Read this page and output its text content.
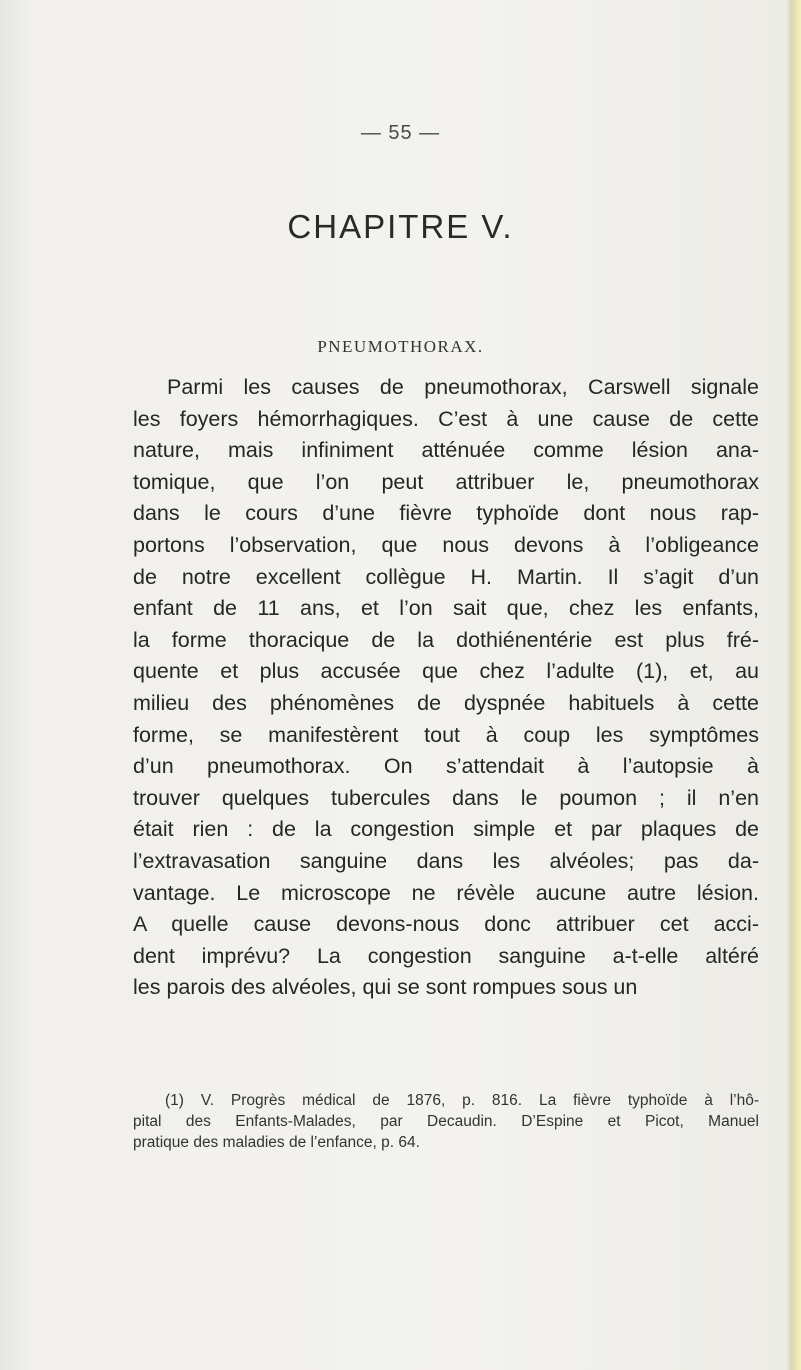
— 55 —
CHAPITRE V.
PNEUMOTHORAX.
Parmi les causes de pneumothorax, Carswell signale
les foyers hémorrhagiques. C’est à une cause de cette
nature, mais infiniment atténuée comme lésion ana-
tomique, que l’on peut attribuer le, pneumothorax
dans le cours d’une fièvre typhoïde dont nous rap-
portons l’observation, que nous devons à l’obligeance
de notre excellent collègue H. Martin. Il s’agit d’un
enfant de 11 ans, et l’on sait que, chez les enfants,
la forme thoracique de la dothiénentérie est plus fré-
quente et plus accusée que chez l’adulte (1), et, au
milieu des phénomènes de dyspnée habituels à cette
forme, se manifestèrent tout à coup les symptômes
d’un pneumothorax. On s’attendait à l’autopsie à
trouver quelques tubercules dans le poumon ; il n’en
était rien : de la congestion simple et par plaques de
l’extravasation sanguine dans les alvéoles; pas da-
vantage. Le microscope ne révèle aucune autre lésion.
A quelle cause devons-nous donc attribuer cet acci-
dent imprévu? La congestion sanguine a-t-elle altéré
les parois des alvéoles, qui se sont rompues sous un
(1) V. Progrès médical de 1876, p. 816. La fièvre typhoïde à l’hô-
pital des Enfants-Malades, par Decaudin. D’Espine et Picot, Manuel
pratique des maladies de l’enfance, p. 64.
